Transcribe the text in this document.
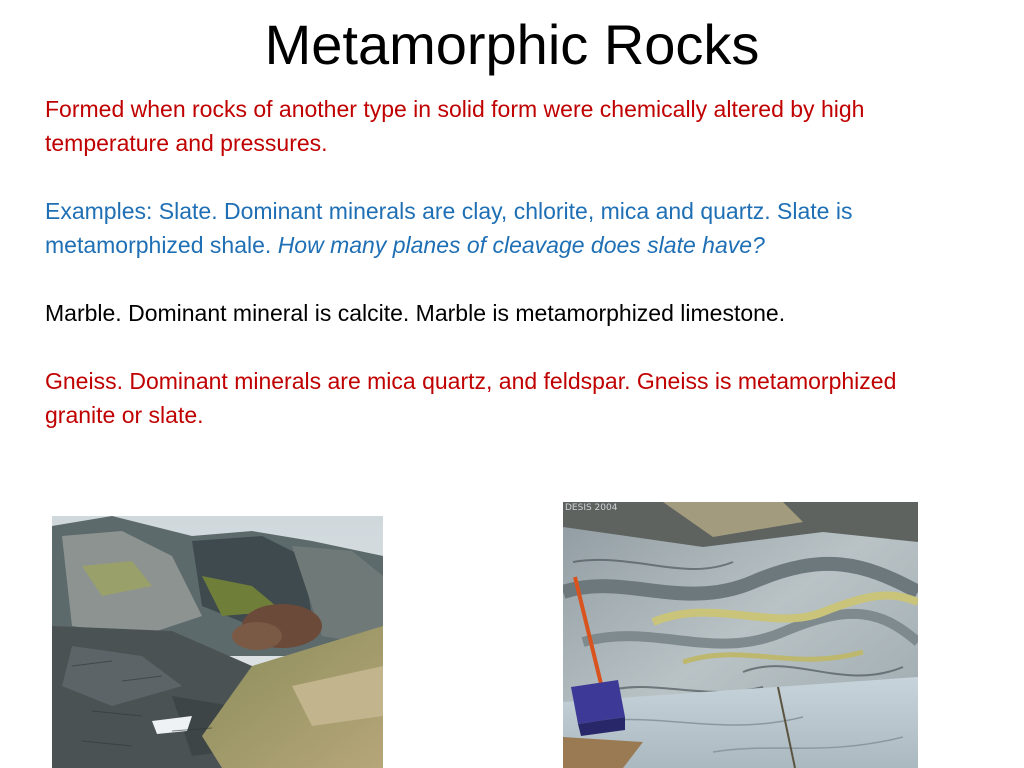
Metamorphic Rocks

Formed when rocks of another type in solid form were chemically altered by high temperature and pressures.

Examples: Slate. Dominant minerals are clay, chlorite, mica and quartz. Slate is metamorphized shale. How many planes of cleavage does slate have?

Marble. Dominant mineral is calcite. Marble is metamorphized limestone.

Gneiss. Dominant minerals are mica quartz, and feldspar. Gneiss is metamorphized granite or slate.

DESIS 2004
